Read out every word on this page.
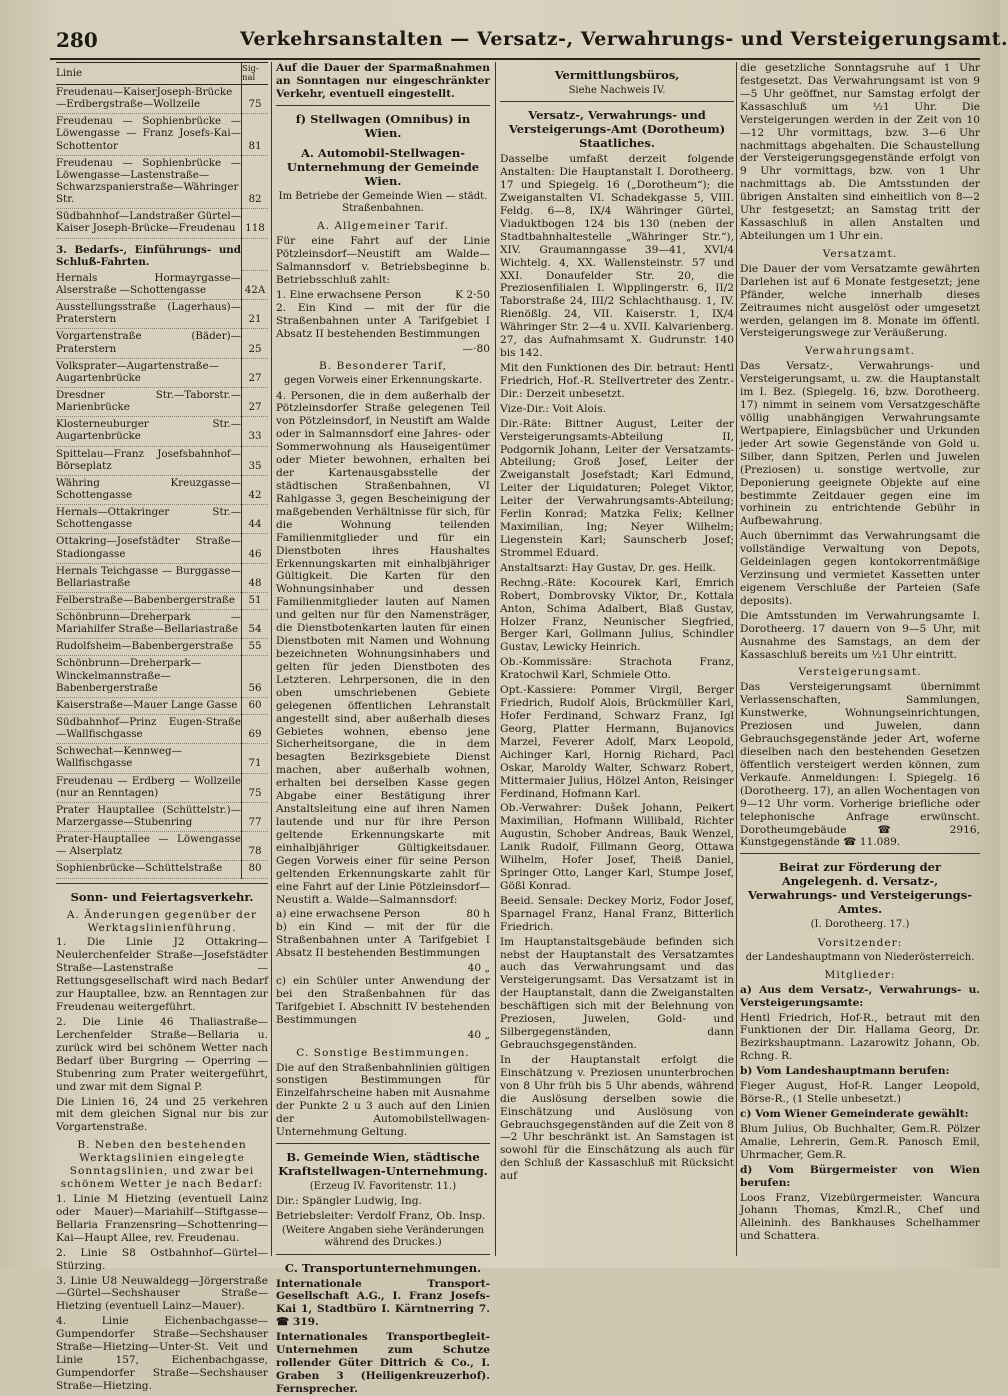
280	Verkehrsanstalten — Versatz-, Verwahrungs- und Versteigerungsamt.
Linie	Sig-nal
Freudenau—KaiserJoseph-Brücke—Erdbergstraße—Wollzeile	75
Freudenau — Sophienbrücke — Löwengasse — Franz Josefs-Kai—Schottentor	81
Freudenau — Sophienbrücke — Löwengasse—Lastenstraße—Schwarzspanierstraße—Währinger Str.	82
Südbahnhof—Landstraßer Gürtel—Kaiser Joseph-Brücke—Freudenau	118
3. Bedarfs-, Einführungs- und Schluß-Fahrten.	
Hernals Hormayrgasse—Alserstraße —Schottengasse	42A
Ausstellungsstraße (Lagerhaus)—Praterstern	21
Vorgartenstraße (Bäder)—Praterstern	25
Volksprater—Augartenstraße—Augartenbrücke	27
Dresdner Str.—Taborstr.—Marienbrücke	27
Klosterneuburger Str.—Augartenbrücke	33
Spittelau—Franz Josefsbahnhof—Börseplatz	35
Währing Kreuzgasse—Schottengasse	42
Hernals—Ottakringer Str.—Schottengasse	44
Ottakring—Josefstädter Straße—Stadiongasse	46
Hernals Teichgasse — Burggasse—Bellariastraße	48
Felberstraße—Babenbergerstraße	51
Schönbrunn—Dreherpark — Mariahilfer Straße—Bellariastraße	54
Rudolfsheim—Babenbergerstraße	55
Schönbrunn—Dreherpark—Winckelmannstraße—Babenbergerstraße	56
Kaiserstraße—Mauer Lange Gasse	60
Südbahnhof—Prinz Eugen-Straße —Wallfischgasse	69
Schwechat—Kennweg—Wallfischgasse	71
Freudenau — Erdberg — Wollzeile (nur an Renntagen)	75
Prater Hauptallee (Schüttelstr.)—Marzergasse—Stubenring	77
Prater-Hauptallee — Löwengasse— Alserplatz	78
Sophienbrücke—Schüttelstraße	80

Sonn- und Feiertagsverkehr.

A. Änderungen gegenüber der Werktagslinienführung.

1. Die Linie J2 Ottakring—Neulerchenfelder Straße—Josefstädter Straße—Lastenstraße — Rettungsgesellschaft wird nach Bedarf zur Hauptallee, bzw. an Renntagen zur Freudenau weitergeführt.

2. Die Linie 46 Thaliastraße—Lerchenfelder Straße—Bellaria u. zurück wird bei schönem Wetter nach Bedarf über Burgring — Operring — Stubenring zum Prater weitergeführt, und zwar mit dem Signal P.

Die Linien 16, 24 und 25 verkehren mit dem gleichen Signal nur bis zur Vorgartenstraße.

B. Neben den bestehenden Werktagslinien eingelegte Sonntagslinien, und zwar bei schönem Wetter je nach Bedarf:

1. Linie M Hietzing (eventuell Lainz oder Mauer)—Mariahilf—Stiftgasse—Bellaria Franzensring—Schottenring—Kai—Haupt Allee, rev. Freudenau.

2. Linie S8 Ostbahnhof—Gürtel—Stürzing.

3. Linie U8 Neuwaldegg—Jörgerstraße—Gürtel—Sechshauser Straße—Hietzing (eventuell Lainz—Mauer).

4. Linie Eichenbachgasse—Gumpendorfer Straße—Sechshauser Straße—Hietzing—Unter-St. Veit und Linie 157, Eichenbachgasse, Gumpendorfer Straße—Sechshauser Straße—Hietzing.

Auf die Dauer der Sparmaßnahmen an Sonntagen nur eingeschränkter Verkehr, eventuell eingestellt.

f) Stellwagen (Omnibus) in Wien.

A. Automobil-Stellwagen-Unternehmung der Gemeinde Wien.

Im Betriebe der Gemeinde Wien — städt. Straßenbahnen.

A. Allgemeiner Tarif.

Für eine Fahrt auf der Linie Pötzleinsdorf—Neustift am Walde—Salmannsdorf v. Betriebsbeginne b. Betriebsschluß zahlt:

1. Eine erwachsene Person	K 2·50

2. Ein Kind — mit der für die Straßenbahnen unter A Tarifgebiet I Absatz II bestehenden Bestimmungen

—·80

B. Besonderer Tarif,

gegen Vorweis einer Erkennungskarte.

4. Personen, die in dem außerhalb der Pötzleinsdorfer Straße gelegenen Teil von Pötzleinsdorf, in Neustift am Walde oder in Salmannsdorf eine Jahres- oder Sommerwohnung als Hauseigentümer oder Mieter bewohnen, erhalten bei der Kartenausgabsstelle der städtischen Straßenbahnen, VI Rahlgasse 3, gegen Bescheinigung der maßgebenden Verhältnisse für sich, für die Wohnung teilenden Familienmitglieder und für ein Dienstboten ihres Haushaltes Erkennungskarten mit einhalbjähriger Gültigkeit. Die Karten für den Wohnungsinhaber und dessen Familienmitglieder lauten auf Namen und gelten nur für den Namensträger, die Dienstbotenkarten lauten für einen Dienstboten mit Namen und Wohnung bezeichneten Wohnungsinhabers und gelten für jeden Dienstboten des Letzteren. Lehrpersonen, die in den oben umschriebenen Gebiete gelegenen öffentlichen Lehranstalt angestellt sind, aber außerhalb dieses Gebietes wohnen, ebenso jene Sicherheitsorgane, die in dem besagten Bezirksgebiete Dienst machen, aber außerhalb wohnen, erhalten bei derselben Kasse gegen Abgabe einer Bestätigung ihrer Anstaltsleitung eine auf ihren Namen lautende und nur für ihre Person geltende Erkennungskarte mit einhalbjähriger Gültigkeitsdauer. Gegen Vorweis einer für seine Person geltenden Erkennungskarte zahlt für eine Fahrt auf der Linie Pötzleinsdorf—Neustift a. Walde—Salmannsdorf:

a) eine erwachsene Person	80 h

b) ein Kind — mit der für die Straßenbahnen unter A Tarifgebiet I Absatz II bestehenden Bestimmungen

40 „

c) ein Schüler unter Anwendung der bei den Straßenbahnen für das Tarifgebiet I. Abschnitt IV bestehenden Bestimmungen

40 „

C. Sonstige Bestimmungen.

Die auf den Straßenbahnlinien gültigen sonstigen Bestimmungen für Einzelfahrscheine haben mit Ausnahme der Punkte 2 u 3 auch auf den Linien der Automobilstellwagen-Unternehmung Geltung.

B. Gemeinde Wien, städtische Kraftstellwagen-Unternehmung.

(Erzeug IV. Favoritenstr. 11.)

Dir.: Spängler Ludwig, Ing.

Betriebsleiter: Verdolf Franz, Ob. Insp.

(Weitere Angaben siehe Veränderungen während des Druckes.)

C. Transportunternehmungen.

Internationale Transport-Gesellschaft A.G., I. Franz Josefs-Kai 1, Stadtbüro I. Kärntnerring 7. ☎ 319.

Internationales Transportbegleit-Unternehmen zum Schutze rollender Güter Dittrich & Co., I. Graben 3 (Heiligenkreuzerhof). Fernsprecher.

Vermittlungsbüros,

Siehe Nachweis IV.

Versatz-, Verwahrungs- und Versteigerungs-Amt (Dorotheum) Staatliches.

Dasselbe umfaßt derzeit folgende Anstalten: Die Hauptanstalt I. Dorotheerg. 17 und Spiegelg. 16 („Dorotheum“); die Zweiganstalten VI. Schadekgasse 5, VIII. Feldg. 6—8, IX/4 Währinger Gürtel, Viaduktbogen 124 bis 130 (neben der Stadtbahnhaltestelle „Währinger Str.“), XIV. Graumanngasse 39—41, XVI/4 Wichtelg. 4, XX. Wallensteinstr. 57 und XXI. Donaufelder Str. 20, die Preziosenfilialen I. Wipplingerstr. 6, II/2 Taborstraße 24, III/2 Schlachthausg. 1, IV. Rienößlg. 24, VII. Kaiserstr. 1, IX/4 Währinger Str. 2—4 u. XVII. Kalvarienberg. 27, das Aufnahmsamt X. Gudrunstr. 140 bis 142.

Mit den Funktionen des Dir. betraut: Hentl Friedrich, Hof.-R. Stellvertreter des Zentr.-Dir.: Derzeit unbesetzt.

Vize-Dir.: Voit Alois.

Dir.-Räte: Bittner August, Leiter der Versteigerungsamts-Abteilung II, Podgornik Johann, Leiter der Versatzamts-Abteilung; Groß Josef, Leiter der Zweiganstalt Josefstadt; Karl Edmund, Leiter der Liquidaturen; Poleget Viktor, Leiter der Verwahrungsamts-Abteilung; Ferlin Konrad; Matzka Felix; Kellner Maximilian, Ing; Neyer Wilhelm; Liegenstein Karl; Saunscherb Josef; Strommel Eduard.

Anstaltsarzt: Hay Gustav, Dr. ges. Heilk.

Rechng.-Räte: Kocourek Karl, Emrich Robert, Dombrovsky Viktor, Dr., Kottala Anton, Schima Adalbert, Blaß Gustav, Holzer Franz, Neunischer Siegfried, Berger Karl, Gollmann Julius, Schindler Gustav, Lewicky Heinrich.

Ob.-Kommissäre: Strachota Franz, Kratochwil Karl, Schmiele Otto.

Opt.-Kassiere: Pommer Virgil, Berger Friedrich, Rudolf Alois, Brückmüller Karl, Hofer Ferdinand, Schwarz Franz, Igl Georg, Platter Hermann, Bujanovics Marzel, Feverer Adolf, Marx Leopold, Aichinger Karl, Hornig Richard, Pacl Oskar, Maroldy Walter, Schwarz Robert, Mittermaier Julius, Hölzel Anton, Reisinger Ferdinand, Hofmann Karl.

Ob.-Verwahrer: Dušek Johann, Peikert Maximilian, Hofmann Willibald, Richter Augustin, Schober Andreas, Bauk Wenzel, Lanik Rudolf, Fillmann Georg, Ottawa Wilhelm, Hofer Josef, Theiß Daniel, Springer Otto, Langer Karl, Stumpe Josef, Gößl Konrad.

Beeid. Sensale: Deckey Moriz, Fodor Josef, Sparnagel Franz, Hanal Franz, Bitterlich Friedrich.

Im Hauptanstaltsgebäude befinden sich nebst der Hauptanstalt des Versatzamtes auch das Verwahrungsamt und das Versteigerungsamt. Das Versatzamt ist in der Hauptanstalt, dann die Zweiganstalten beschäftigen sich mit der Belehnung von Preziosen, Juwelen, Gold- und Silbergegenständen, dann Gebrauchsgegenständen.

In der Hauptanstalt erfolgt die Einschätzung v. Preziosen ununterbrochen von 8 Uhr früh bis 5 Uhr abends, während die Auslösung derselben sowie die Einschätzung und Auslösung von Gebrauchsgegenständen auf die Zeit von 8—2 Uhr beschränkt ist. An Samstagen ist sowohl für die Einschätzung als auch für den Schluß der Kassaschluß mit Rücksicht auf

die gesetzliche Sonntagsruhe auf 1 Uhr festgesetzt. Das Verwahrungsamt ist von 9—5 Uhr geöffnet, nur Samstag erfolgt der Kassaschluß um ½1 Uhr. Die Versteigerungen werden in der Zeit von 10—12 Uhr vormittags, bzw. 3—6 Uhr nachmittags abgehalten. Die Schaustellung der Versteigerungsgegenstände erfolgt von 9 Uhr vormittags, bzw. von 1 Uhr nachmittags ab. Die Amtsstunden der übrigen Anstalten sind einheitlich von 8—2 Uhr festgesetzt; an Samstag tritt der Kassaschluß in allen Anstalten und Abteilungen um 1 Uhr ein.

Versatzamt.

Die Dauer der vom Versatzamte gewährten Darlehen ist auf 6 Monate festgesetzt; jene Pfänder, welche innerhalb dieses Zeitraumes nicht ausgelöst oder umgesetzt werden, gelangen im 8. Monate im öffentl. Versteigerungswege zur Veräußerung.

Verwahrungsamt.

Das Versatz-, Verwahrungs- und Versteigerungsamt, u. zw. die Hauptanstalt im I. Bez. (Spiegelg. 16, bzw. Dorotheerg. 17) nimmt in seinem vom Versatzgeschäfte völlig unabhängigen Verwahrungsamte Wertpapiere, Einlagsbücher und Urkunden jeder Art sowie Gegenstände von Gold u. Silber, dann Spitzen, Perlen und Juwelen (Preziosen) u. sonstige wertvolle, zur Deponierung geeignete Objekte auf eine bestimmte Zeitdauer gegen eine im vorhinein zu entrichtende Gebühr in Aufbewahrung.

Auch übernimmt das Verwahrungsamt die vollständige Verwaltung von Depots, Geldeinlagen gegen kontokorrentmäßige Verzinsung und vermietet Kassetten unter eigenem Verschluße der Parteien (Safe deposits).

Die Amtsstunden im Verwahrungsamte I. Dorotheerg. 17 dauern von 9—5 Uhr, mit Ausnahme des Samstags, an dem der Kassaschluß bereits um ½1 Uhr eintritt.

Versteigerungsamt.

Das Versteigerungsamt übernimmt Verlassenschaften, Sammlungen, Kunstwerke, Wohnungseinrichtungen, Preziosen und Juwelen, dann Gebrauchsgegenstände jeder Art, woferne dieselben nach den bestehenden Gesetzen öffentlich versteigert werden können, zum Verkaufe. Anmeldungen: I. Spiegelg. 16 (Dorotheerg. 17), an allen Wochentagen von 9—12 Uhr vorm. Vorherige briefliche oder telephonische Anfrage erwünscht. Dorotheumgebäude ☎ 2916, Kunstgegenstände ☎ 11.089.

Beirat zur Förderung der Angelegenh. d. Versatz-, Verwahrungs- und Versteigerungs-Amtes.

(I. Dorotheerg. 17.)

Vorsitzender:

der Landeshauptmann von Niederösterreich.

Mitglieder:

a) Aus dem Versatz-, Verwahrungs- u. Versteigerungsamte:

Hentl Friedrich, Hof-R., betraut mit den Funktionen der Dir. Hallama Georg, Dr. Bezirkshauptmann. Lazarowitz Johann, Ob. Rchng. R.

b) Vom Landeshauptmann berufen:

Fieger August, Hof-R. Langer Leopold, Börse-R., (1 Stelle unbesetzt.)

c) Vom Wiener Gemeinderate gewählt:

Blum Julius, Ob Buchhalter, Gem.R. Pölzer Amalie, Lehrerin, Gem.R. Panosch Emil, Uhrmacher, Gem.R.

d) Vom Bürgermeister von Wien berufen:

Loos Franz, Vizebürgermeister. Wancura Johann Thomas, Kmzl.R., Chef und Alleininh. des Bankhauses Schelhammer und Schattera.
